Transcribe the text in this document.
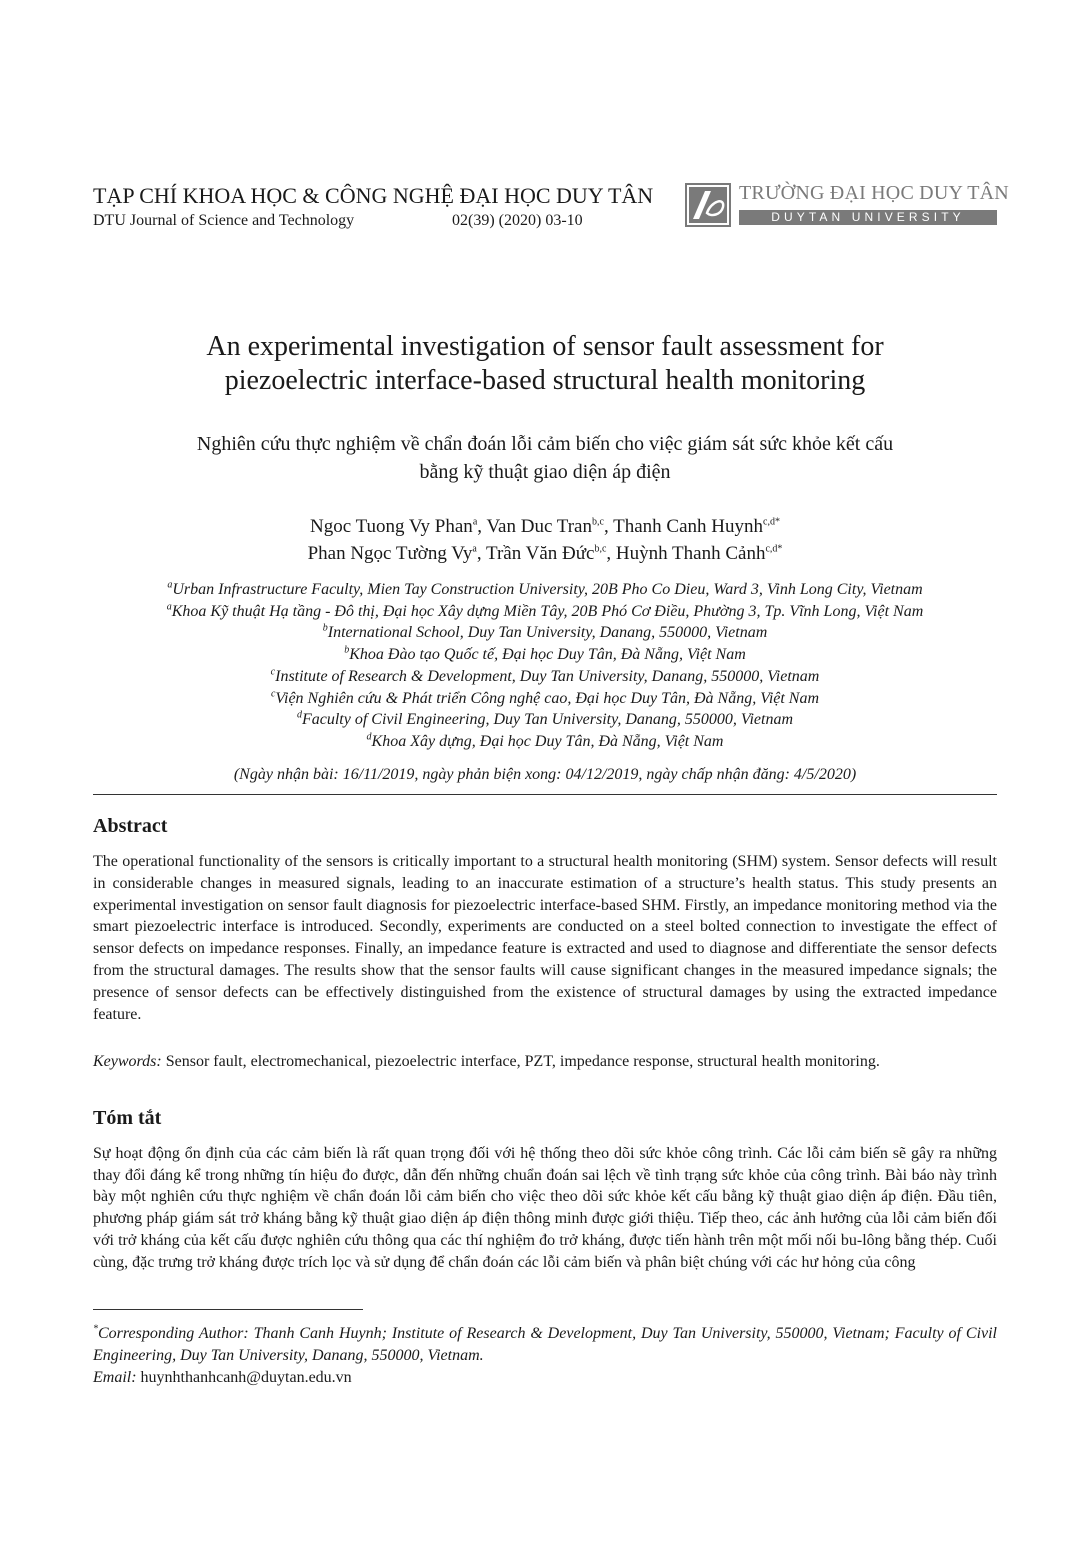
TẠP CHÍ KHOA HỌC & CÔNG NGHỆ ĐẠI HỌC DUY TÂN
DTU Journal of Science and Technology	02(39) (2020) 03-10
TRƯỜNG ĐẠI HỌC DUY TÂN
DUYTAN UNIVERSITY
An experimental investigation of sensor fault assessment for
piezoelectric interface-based structural health monitoring
Nghiên cứu thực nghiệm về chẩn đoán lỗi cảm biến cho việc giám sát sức khỏe kết cấu
bằng kỹ thuật giao diện áp điện
Ngoc Tuong Vy Phan$^a$, Van Duc Tran$^{b,c}$, Thanh Canh Huynh$^{c,d*}$
Phan Ngọc Tường Vy$^a$, Trần Văn Đức$^{b,c}$, Huỳnh Thanh Cảnh$^{c,d*}$
$^a$Urban Infrastructure Faculty, Mien Tay Construction University, 20B Pho Co Dieu, Ward 3, Vinh Long City, Vietnam
$^a$Khoa Kỹ thuật Hạ tầng - Đô thị, Đại học Xây dựng Miền Tây, 20B Phó Cơ Điều, Phường 3, Tp. Vĩnh Long, Việt Nam
$^b$International School, Duy Tan University, Danang, 550000, Vietnam
$^b$Khoa Đào tạo Quốc tế, Đại học Duy Tân, Đà Nẵng, Việt Nam
$^c$Institute of Research & Development, Duy Tan University, Danang, 550000, Vietnam
$^c$Viện Nghiên cứu & Phát triển Công nghệ cao, Đại học Duy Tân, Đà Nẵng, Việt Nam
$^d$Faculty of Civil Engineering, Duy Tan University, Danang, 550000, Vietnam
$^d$Khoa Xây dựng, Đại học Duy Tân, Đà Nẵng, Việt Nam
(Ngày nhận bài: 16/11/2019, ngày phản biện xong: 04/12/2019, ngày chấp nhận đăng: 4/5/2020)
Abstract
The operational functionality of the sensors is critically important to a structural health monitoring (SHM) system. Sensor defects will result in considerable changes in measured signals, leading to an inaccurate estimation of a structure’s health status. This study presents an experimental investigation on sensor fault diagnosis for piezoelectric interface-based SHM. Firstly, an impedance monitoring method via the smart piezoelectric interface is introduced. Secondly, experiments are conducted on a steel bolted connection to investigate the effect of sensor defects on impedance responses. Finally, an impedance feature is extracted and used to diagnose and differentiate the sensor defects from the structural damages. The results show that the sensor faults will cause significant changes in the measured impedance signals; the presence of sensor defects can be effectively distinguished from the existence of structural damages by using the extracted impedance feature.
Keywords: Sensor fault, electromechanical, piezoelectric interface, PZT, impedance response, structural health monitoring.
Tóm tắt
Sự hoạt động ổn định của các cảm biến là rất quan trọng đối với hệ thống theo dõi sức khỏe công trình. Các lỗi cảm biến sẽ gây ra những thay đổi đáng kể trong những tín hiệu đo được, dẫn đến những chuẩn đoán sai lệch về tình trạng sức khỏe của công trình. Bài báo này trình bày một nghiên cứu thực nghiệm về chẩn đoán lỗi cảm biến cho việc theo dõi sức khỏe kết cấu bằng kỹ thuật giao diện áp điện. Đầu tiên, phương pháp giám sát trở kháng bằng kỹ thuật giao diện áp điện thông minh được giới thiệu. Tiếp theo, các ảnh hưởng của lỗi cảm biến đối với trở kháng của kết cấu được nghiên cứu thông qua các thí nghiệm đo trở kháng, được tiến hành trên một mối nối bu-lông bằng thép. Cuối cùng, đặc trưng trở kháng được trích lọc và sử dụng để chẩn đoán các lỗi cảm biến và phân biệt chúng với các hư hỏng của công
*Corresponding Author: Thanh Canh Huynh; Institute of Research & Development, Duy Tan University, 550000, Vietnam; Faculty of Civil Engineering, Duy Tan University, Danang, 550000, Vietnam.
Email: huynhthanhcanh@duytan.edu.vn
